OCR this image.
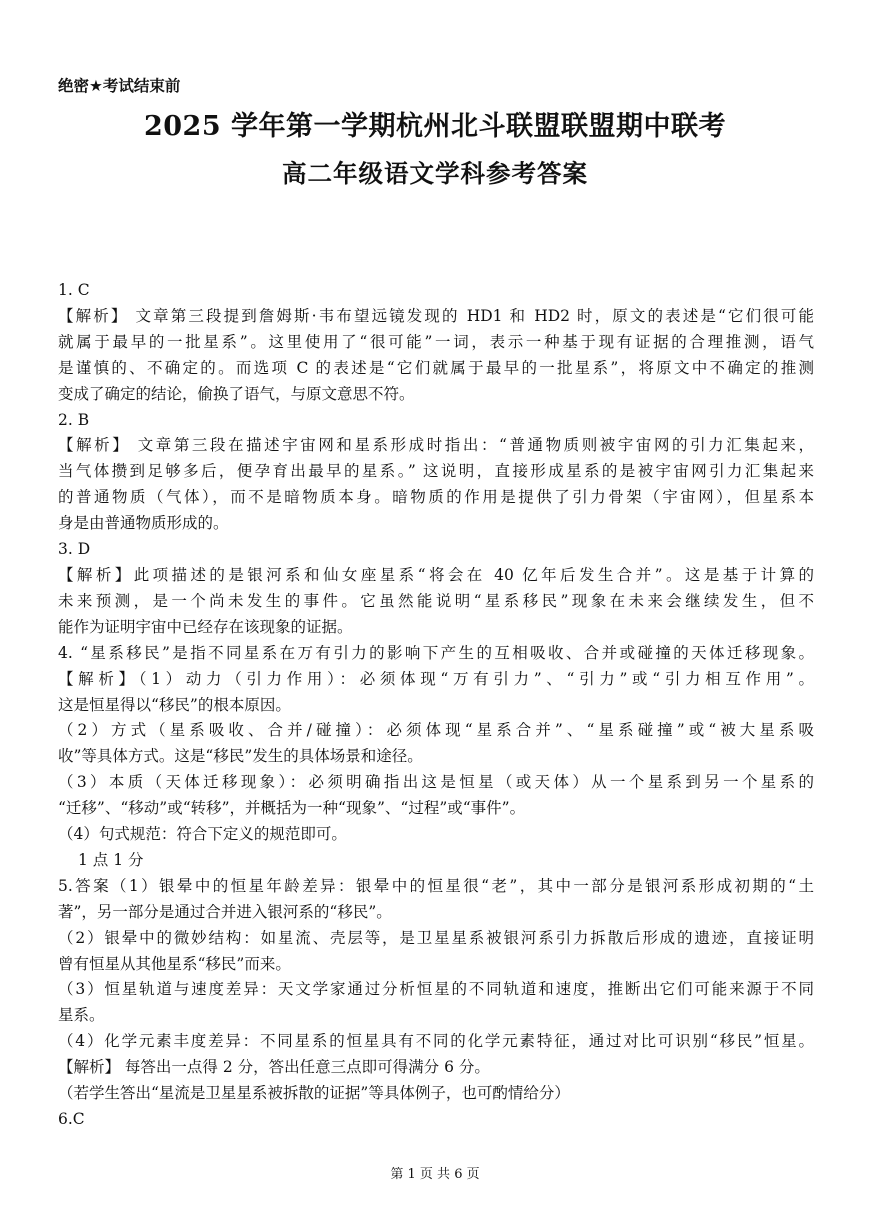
绝密★考试结束前
2025 学年第一学期杭州北斗联盟联盟期中联考
高二年级语文学科参考答案

1. C

【解析】 文章第三段提到詹姆斯·韦布望远镜发现的 HD1 和 HD2 时，原文的表述是“它们很可能

就属于最早的一批星系”。这里使用了“很可能”一词，表示一种基于现有证据的合理推测，语气

是谨慎的、不确定的。而选项 C 的表述是“它们就属于最早的一批星系”，将原文中不确定的推测

变成了确定的结论，偷换了语气，与原文意思不符。

2. B

【解析】 文章第三段在描述宇宙网和星系形成时指出：“普通物质则被宇宙网的引力汇集起来，

当气体攒到足够多后，便孕育出最早的星系。” 这说明，直接形成星系的是被宇宙网引力汇集起来

的普通物质（气体），而不是暗物质本身。暗物质的作用是提供了引力骨架（宇宙网），但星系本

身是由普通物质形成的。

3. D

【解析】此项描述的是银河系和仙女座星系“将会在 40 亿年后发生合并”。这是基于计算的

未来预测，是一个尚未发生的事件。它虽然能说明“星系移民”现象在未来会继续发生，但不

能作为证明宇宙中已经存在该现象的证据。

4. “星系移民”是指不同星系在万有引力的影响下产生的互相吸收、合并或碰撞的天体迁移现象。

【解析】（1）动力（引力作用）：必须体现“万有引力”、“引力”或“引力相互作用”。

这是恒星得以“移民”的根本原因。

（2）方式（星系吸收、合并/碰撞）：必须体现“星系合并”、“星系碰撞”或“被大星系吸

收”等具体方式。这是“移民”发生的具体场景和途径。

（3）本质（天体迁移现象）：必须明确指出这是恒星（或天体）从一个星系到另一个星系的

“迁移”、“移动”或“转移”，并概括为一种“现象”、“过程”或“事件”。

（4）句式规范：符合下定义的规范即可。

1 点 1 分

5.答案（1）银晕中的恒星年龄差异：银晕中的恒星很“老”，其中一部分是银河系形成初期的“土

著”，另一部分是通过合并进入银河系的“移民”。

（2）银晕中的微妙结构：如星流、壳层等，是卫星星系被银河系引力拆散后形成的遗迹，直接证明

曾有恒星从其他星系“移民”而来。

（3）恒星轨道与速度差异：天文学家通过分析恒星的不同轨道和速度，推断出它们可能来源于不同

星系。

（4）化学元素丰度差异：不同星系的恒星具有不同的化学元素特征，通过对比可识别“移民”恒星。

【解析】 每答出一点得 2 分，答出任意三点即可得满分 6 分。

（若学生答出“星流是卫星星系被拆散的证据”等具体例子，也可酌情给分）

6.C

第 1 页 共 6 页
